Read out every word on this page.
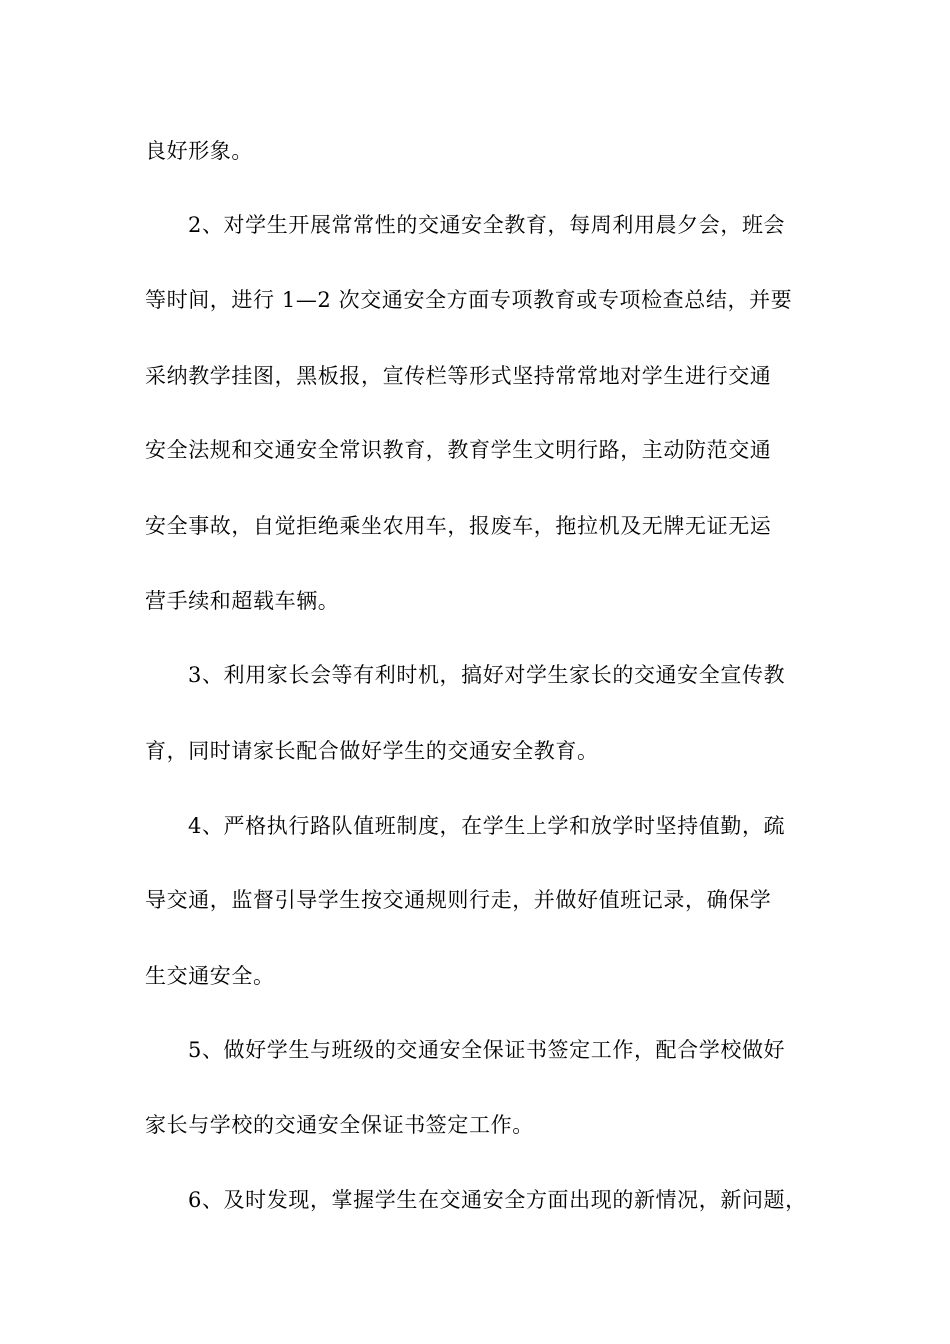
良好形象。
2、对学生开展常常性的交通安全教育，每周利用晨夕会，班会
等时间，进行 1—2 次交通安全方面专项教育或专项检查总结，并要
采纳教学挂图，黑板报，宣传栏等形式坚持常常地对学生进行交通
安全法规和交通安全常识教育，教育学生文明行路，主动防范交通
安全事故，自觉拒绝乘坐农用车，报废车，拖拉机及无牌无证无运
营手续和超载车辆。
3、利用家长会等有利时机，搞好对学生家长的交通安全宣传教
育，同时请家长配合做好学生的交通安全教育。
4、严格执行路队值班制度，在学生上学和放学时坚持值勤，疏
导交通，监督引导学生按交通规则行走，并做好值班记录，确保学
生交通安全。
5、做好学生与班级的交通安全保证书签定工作，配合学校做好
家长与学校的交通安全保证书签定工作。
6、及时发现，掌握学生在交通安全方面出现的新情况，新问题，
